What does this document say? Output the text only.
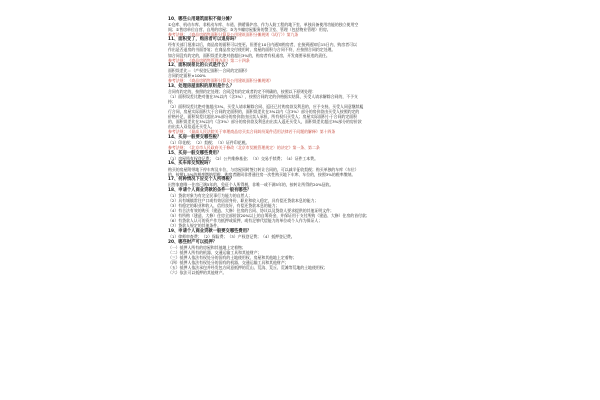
10、哪些公用建筑面积不做分摊？
①仓库、机动车库、非机动车库、车道、供暖锅炉房、作为人防工程的地下室、单独具备使用功能的独立使用空
间；②售房单位自营、自用的房屋；③为多幢房屋服务的警卫室、管理（包括物业管理）用房。
参考法规：《商品房销售面积计算及公用建筑面积分摊规则（试行）》第九条
11、面积变了，购房者可以退房吗？
经有关部门批准以后，商品房的面积可以变更。但要在10日内通知购房者，在接到通知后15日内，购房者可以
作出是否退房的书面答复；在商品房交付使用时，房屋的面积与合同不符，应按照合同约定处理。
如合同没有约定的，面积误差比绝对值超出3%的，购房者有权退房，开发商要承担违约责任。
参考法规：《商品房销售管理办法》第二十四条
12、面积误差比的公式是什么？
面积误差比＝（产权登记面积－合同约定面积）
合同约定面积×100%
参考法规：《商品房销售面积计算及公用建筑面积分摊规则》
13、处理房屋面积的原则是什么？
合同有约定的，按照约定处理；合同没有约定或者约定不明确的，按照以下原则处理：
（1）面积误差比绝对值在3%以内（含3%），按照合同约定的价格据实结算，买受人请求解除合同的，不予支
持；
（2）面积误差比绝对值超出3%，买受人请求解除合同、返还已付购房款及利息的，应予支持。买受人同意继续履
行合同，房屋实际面积大于合同约定面积的，面积误差比在3%以内（含3%）部分的房价款由买受人按照约定的
价格补足，面积误差比超出3%部分的房价款由出卖人承担，所有权归买受人；房屋实际面积小于合同约定面积
的，面积误差比在3%以内（含3%）部分的房价款及利息由出卖人返还买受人，面积误差比超过3%部分的房价款
由出卖人双倍返还买受人。
参考法规：《最高人民法院关于审理商品房买卖合同纠纷案件适用法律若干问题的解释》第十四条
14、买房一般要交哪些税？
（1）印花税；（2）契税；（3）证件印花税。
参考法规：《北京市人民政府关于修改〈北京市契税管理规定〉的决定》第一条、第二条
15、买房一般交哪些费用？
（1）房屋所有权登记费；（2）公共维修基金；（3）交易手续费；（4）证件工本费。
16、买车库交契税吗？
购买的房屋附带地下停车库及车位，与房屋同时签订转让合同的，可以减半征收契税；购买单独的车库（车位）
的，按照1.5%的税率缴纳契税，购房者随同非普通住房一次性购买地下车库、车位的，按照3%的税率缴纳。
17、何种情况下应交个人所得税？
出售家庭唯一住房已满5年的，免征个人所得税，非唯一或不满5年的，按转让所得的20%征收。
18、申请个人商业贷款的条件一般有哪些？
（1）贷款对象为有完全民事行为能力的自然人；
（2）具有城镇常住户口或有效居留身份，职业和收入稳定，具有偿还贷款本息的能力；
（3）有稳定的职业和收入，信用良好，有偿还贷款本息的能力；
（4）有合法有效的购买（建造、大修）住房的合同、协议以及贷款人要求提供的其他证明文件；
（5）有所购（建造、大修）住房全部价款20%以上的自筹资金，并保证用于支付所购（建造、大修）住房的首付款；
（6）有贷款人认可的资产作为抵押或质押，或有足够代偿能力的单位或个人作为保证人；
（7）贷款人规定的其他条件。
19、申请个人商业贷款一般要交哪些费用？
（1）律师审查费；（2）保险费；（3）产权登记费；（4）抵押登记费。
20、哪些财产可以抵押？
（一）抵押人所有的房屋和其他地上定着物；
（二）抵押人所有的机器、交通运输工具和其他财产；
（三）抵押人依法有权处分的国有的土地使用权、房屋和其他地上定着物；
（四）抵押人依法有权处分的国有的机器、交通运输工具和其他财产；
（五）抵押人依法承包并经发包方同意抵押的荒山、荒沟、荒丘、荒滩等荒地的土地使用权；
（六）依法可以抵押的其他财产。
